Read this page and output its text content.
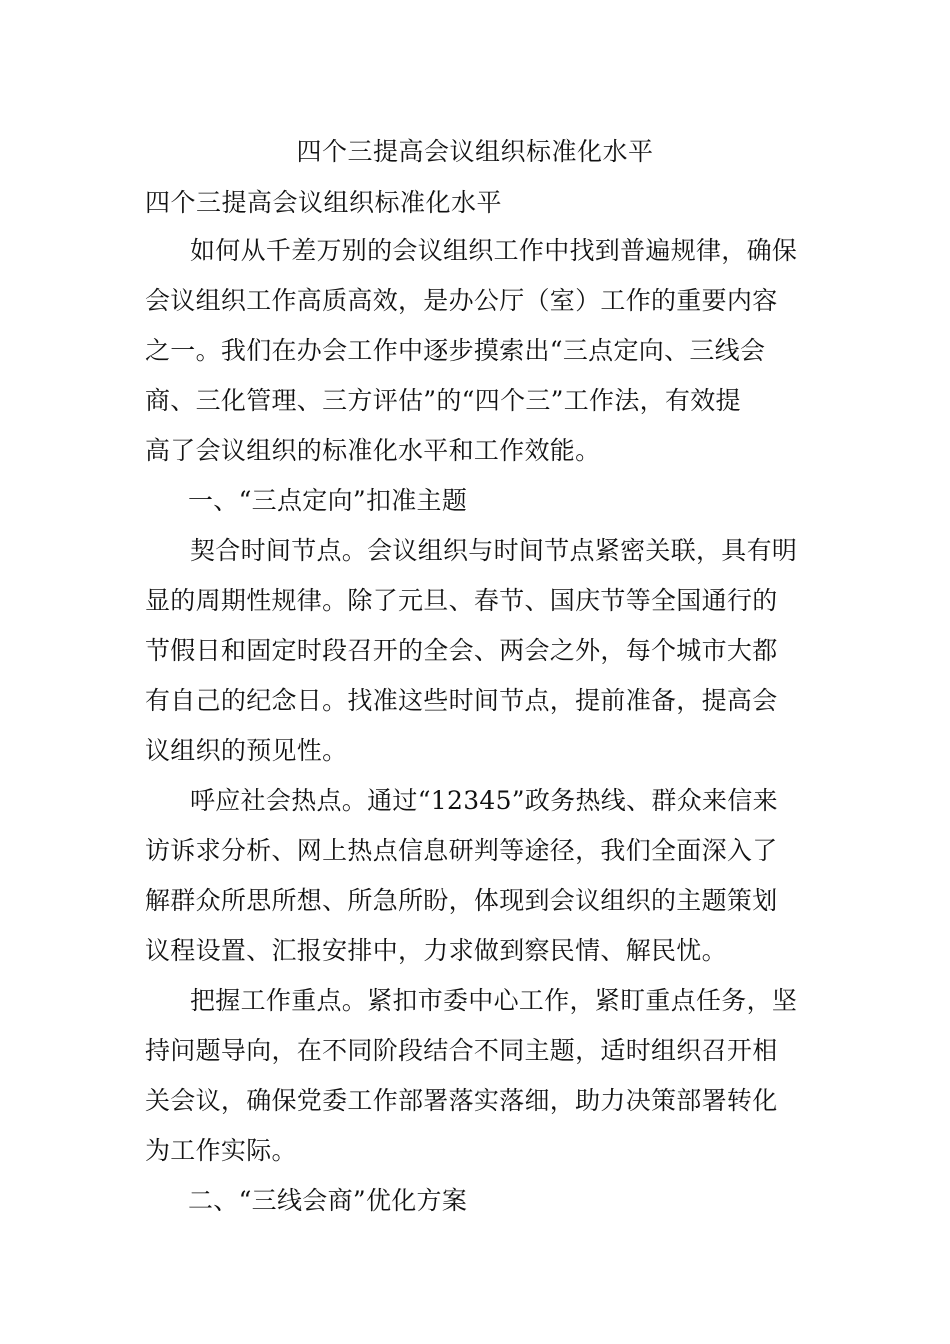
四个三提高会议组织标准化水平
四个三提高会议组织标准化水平
如何从千差万别的会议组织工作中找到普遍规律，确保
会议组织工作高质高效，是办公厅（室）工作的重要内容
之一。我们在办会工作中逐步摸索出“三点定向、三线会
商、三化管理、三方评估”的“四个三”工作法，有效提
高了会议组织的标准化水平和工作效能。
一、“三点定向”扣准主题
契合时间节点。会议组织与时间节点紧密关联，具有明
显的周期性规律。除了元旦、春节、国庆节等全国通行的
节假日和固定时段召开的全会、两会之外，每个城市大都
有自己的纪念日。找准这些时间节点，提前准备，提高会
议组织的预见性。
呼应社会热点。通过“12345”政务热线、群众来信来
访诉求分析、网上热点信息研判等途径，我们全面深入了
解群众所思所想、所急所盼，体现到会议组织的主题策划
议程设置、汇报安排中，力求做到察民情、解民忧。
把握工作重点。紧扣市委中心工作，紧盯重点任务，坚
持问题导向，在不同阶段结合不同主题，适时组织召开相
关会议，确保党委工作部署落实落细，助力决策部署转化
为工作实际。
二、“三线会商”优化方案
